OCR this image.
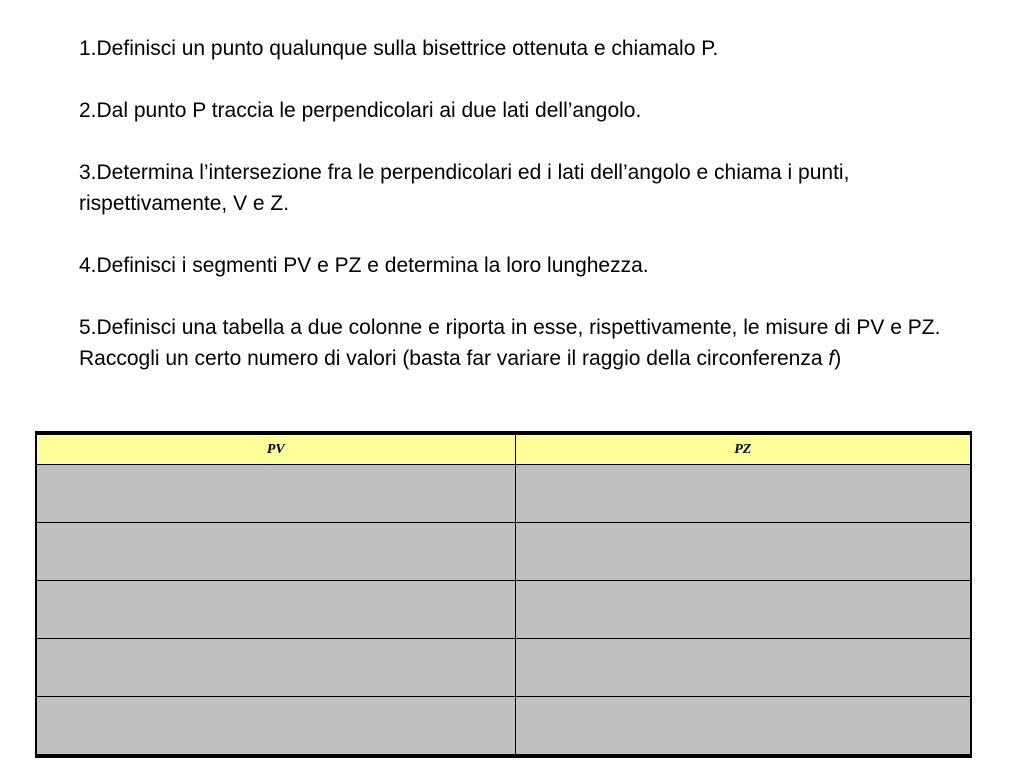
1.Definisci un punto qualunque sulla bisettrice ottenuta e chiamalo P.

2.Dal punto P traccia le perpendicolari ai due lati dell’angolo.

3.Determina l’intersezione fra le perpendicolari ed i lati dell’angolo e chiama i punti, rispettivamente, V e Z.

4.Definisci i segmenti PV e PZ e determina la loro lunghezza.

5.Definisci una tabella a due colonne e riporta in esse, rispettivamente, le misure di PV e PZ. Raccogli un certo numero di valori (basta far variare il raggio della circonferenza f)

PV	PZ
